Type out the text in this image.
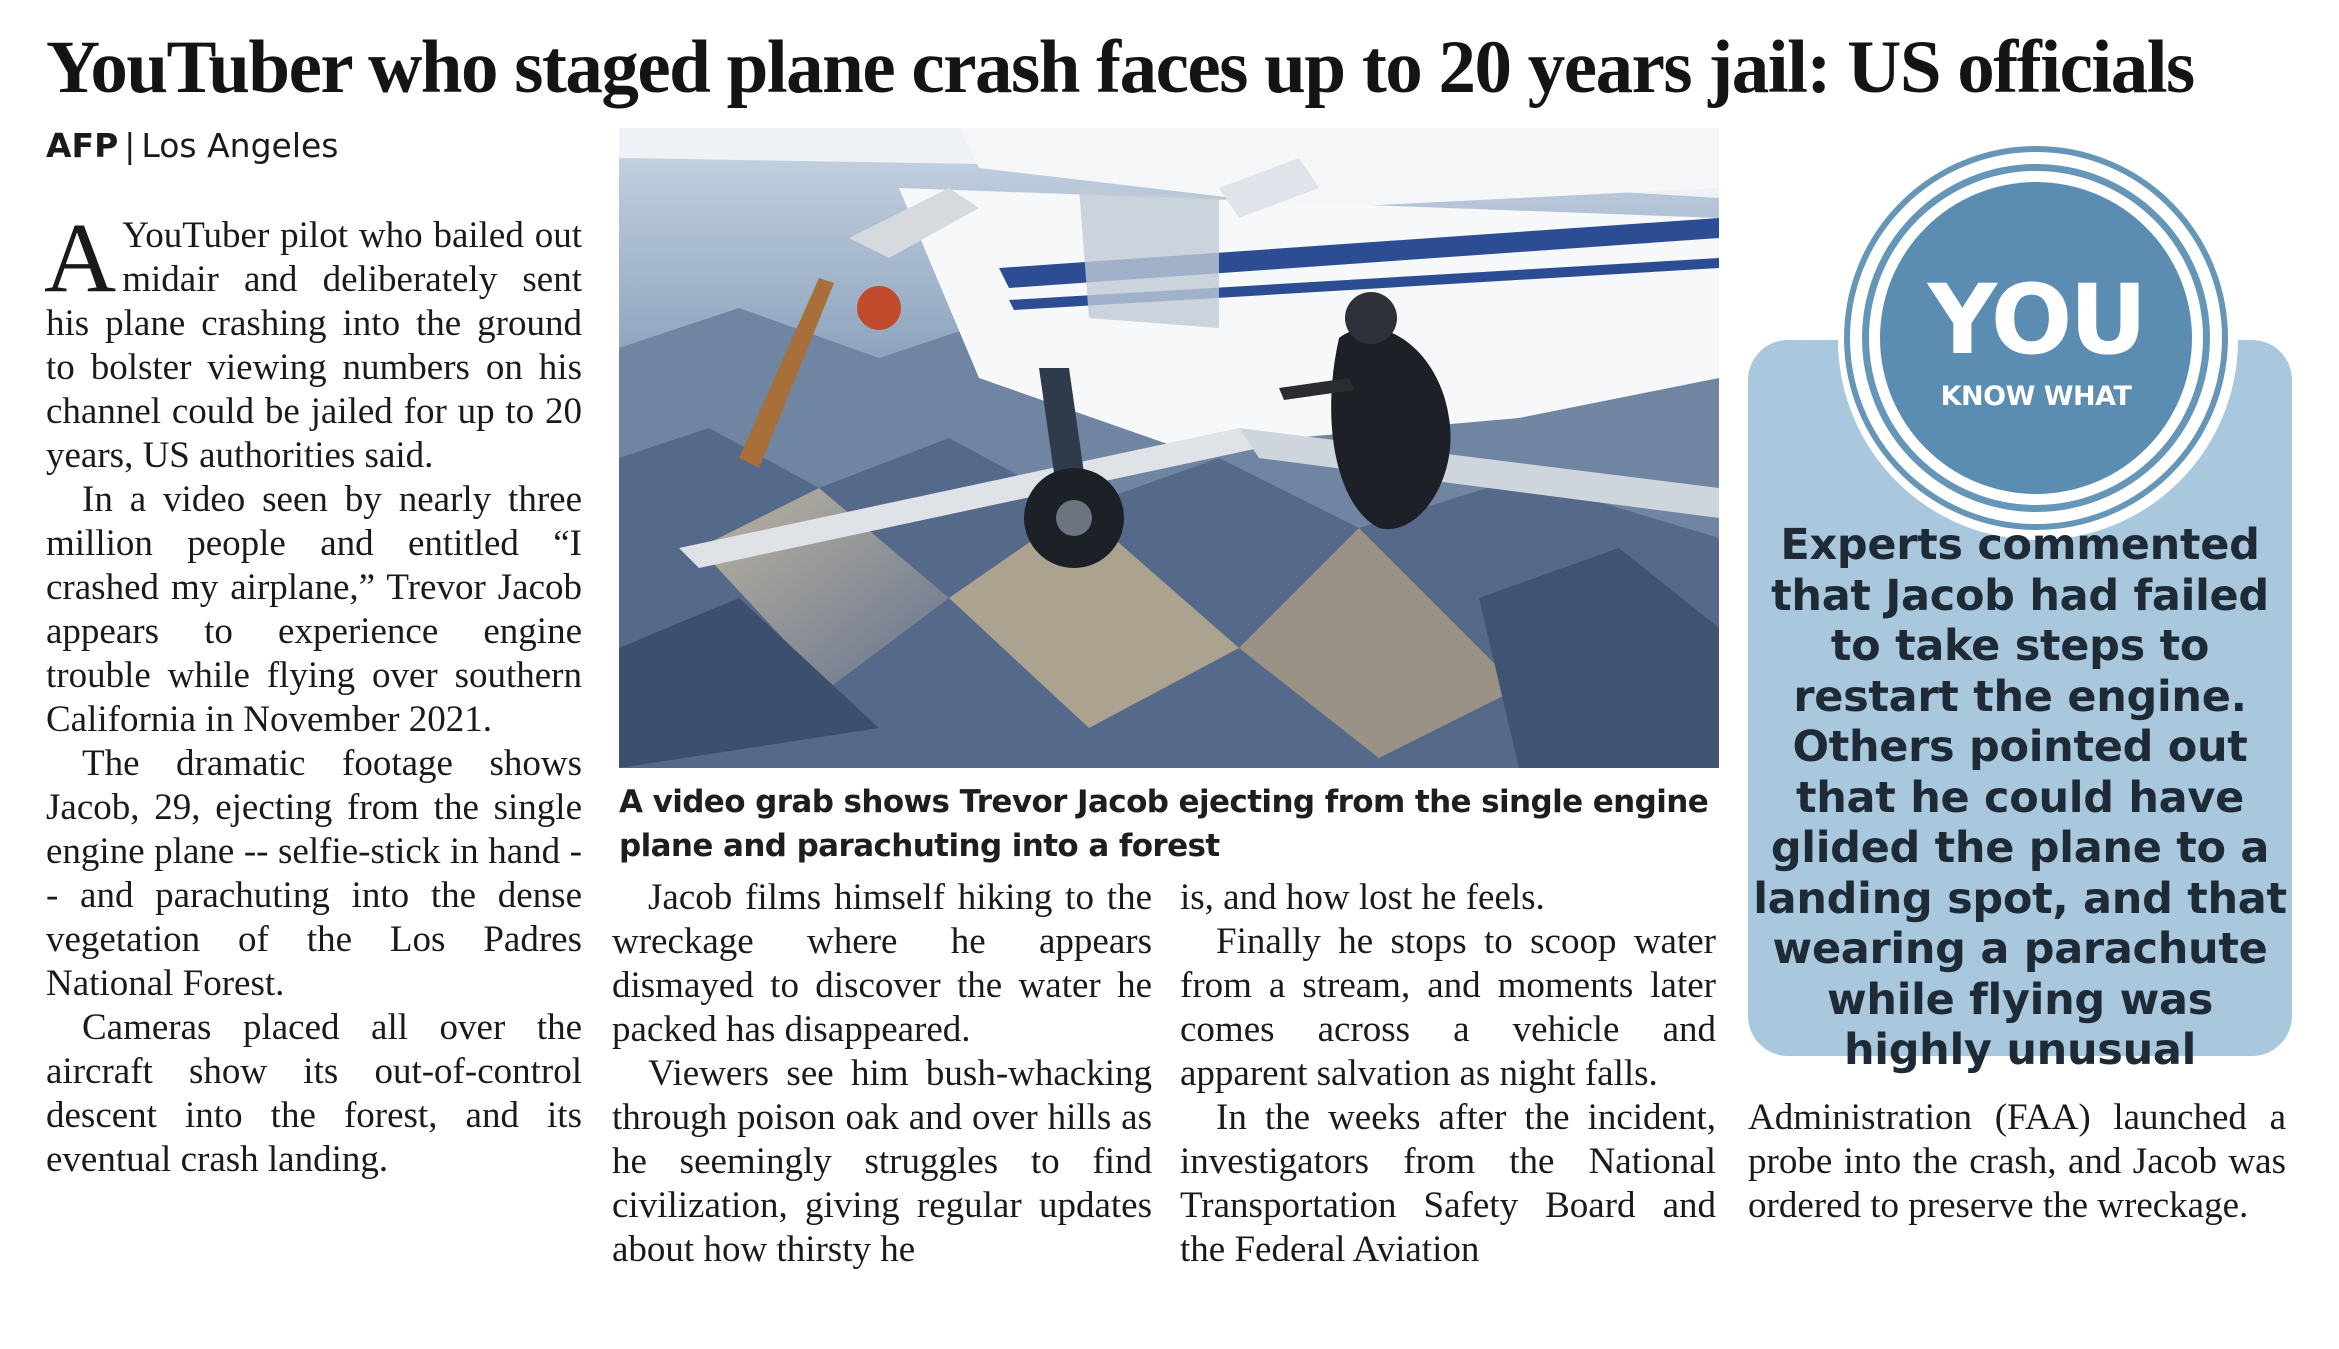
YouTuber who staged plane crash faces up to 20 years jail: US officials
AFP | Los Angeles

A YouTuber pilot who bailed out midair and deliberately sent his plane crashing into the ground to bolster viewing numbers on his channel could be jailed for up to 20 years, US authorities said.

In a video seen by nearly three million people and entitled “I crashed my airplane,” Trevor Jacob appears to experience engine trouble while flying over southern California in November 2021.

The dramatic footage shows Jacob, 29, ejecting from the single engine plane -- selfie-stick in hand -- and parachuting into the dense vegetation of the Los Padres National Forest.

Cameras placed all over the aircraft show its out-of-control descent into the forest, and its eventual crash landing.

A video grab shows Trevor Jacob ejecting from the single engine plane and parachuting into a forest

Jacob films himself hiking to the wreckage where he appears dismayed to discover the water he packed has disappeared.

Viewers see him bush-whacking through poison oak and over hills as he seemingly struggles to find civilization, giving regular updates about how thirsty he

is, and how lost he feels.

Finally he stops to scoop water from a stream, and moments later comes across a vehicle and apparent salvation as night falls.

In the weeks after the incident, investigators from the National Transportation Safety Board and the Federal Aviation

YOU
KNOW WHAT
Experts commented that Jacob had failed to take steps to restart the engine. Others pointed out that he could have glided the plane to a landing spot, and that wearing a parachute while flying was highly unusual

Administration (FAA) launched a probe into the crash, and Jacob was ordered to preserve the wreckage.
